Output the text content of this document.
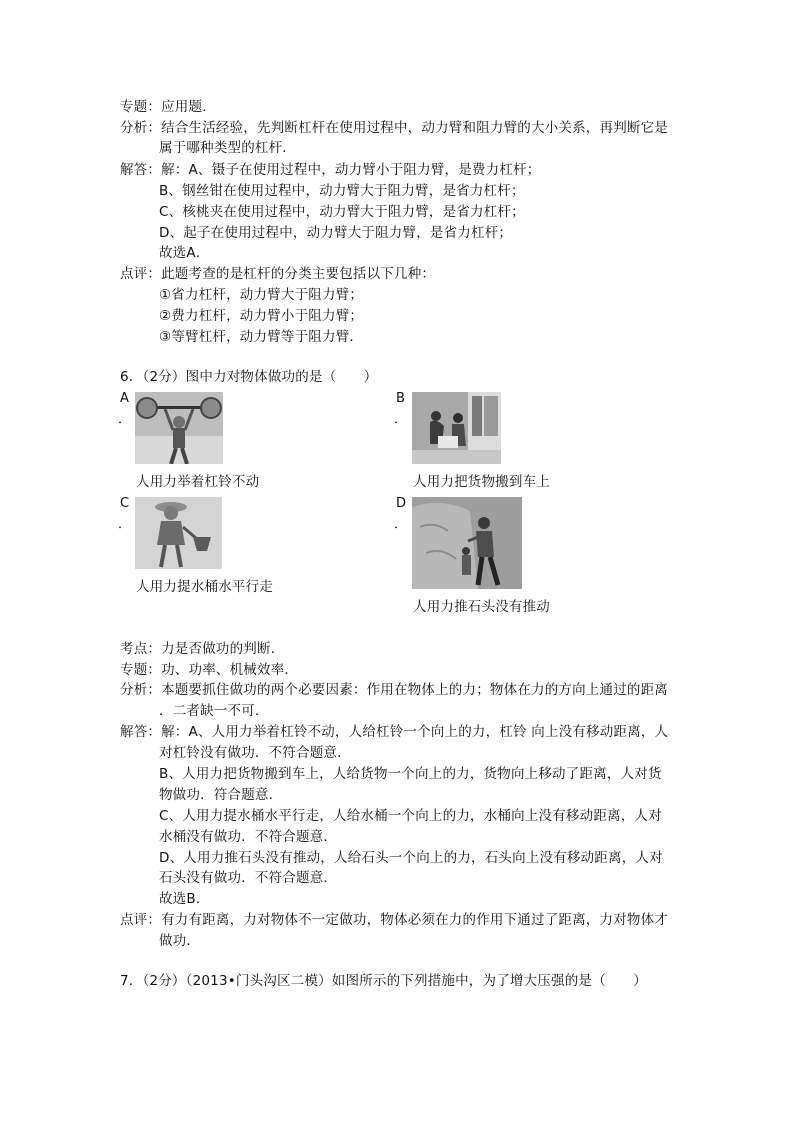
专题：应用题．
分析：结合生活经验，先判断杠杆在使用过程中，动力臂和阻力臂的大小关系，再判断它是
属于哪种类型的杠杆．
解答：解：A、镊子在使用过程中，动力臂小于阻力臂，是费力杠杆；
B、钢丝钳在使用过程中，动力臂大于阻力臂，是省力杠杆；
C、核桃夹在使用过程中，动力臂大于阻力臂，是省力杠杆；
D、起子在使用过程中，动力臂大于阻力臂，是省力杠杆；
故选A．
点评：此题考查的是杠杆的分类主要包括以下几种：
①省力杠杆，动力臂大于阻力臂；
②费力杠杆，动力臂小于阻力臂；
③等臂杠杆，动力臂等于阻力臂．
6．（2分）图中力对物体做功的是（　　）
A
．
人用力举着杠铃不动
B
．
人用力把货物搬到车上
C
．
人用力提水桶水平行走
D
．
人用力推石头没有推动
考点：力是否做功的判断．
专题：功、功率、机械效率．
分析：本题要抓住做功的两个必要因素：作用在物体上的力；物体在力的方向上通过的距离
．二者缺一不可．
解答：解：A、人用力举着杠铃不动，人给杠铃一个向上的力，杠铃 向上没有移动距离，人
对杠铃没有做功．不符合题意．
B、人用力把货物搬到车上，人给货物一个向上的力，货物向上移动了距离，人对货
物做功．符合题意．
C、人用力提水桶水平行走，人给水桶一个向上的力，水桶向上没有移动距离，人对
水桶没有做功．不符合题意．
D、人用力推石头没有推动，人给石头一个向上的力，石头向上没有移动距离，人对
石头没有做功．不符合题意．
故选B．
点评：有力有距离，力对物体不一定做功，物体必须在力的作用下通过了距离，力对物体才
做功．
7．（2分）（2013•门头沟区二模）如图所示的下列措施中，为了增大压强的是（　　）
